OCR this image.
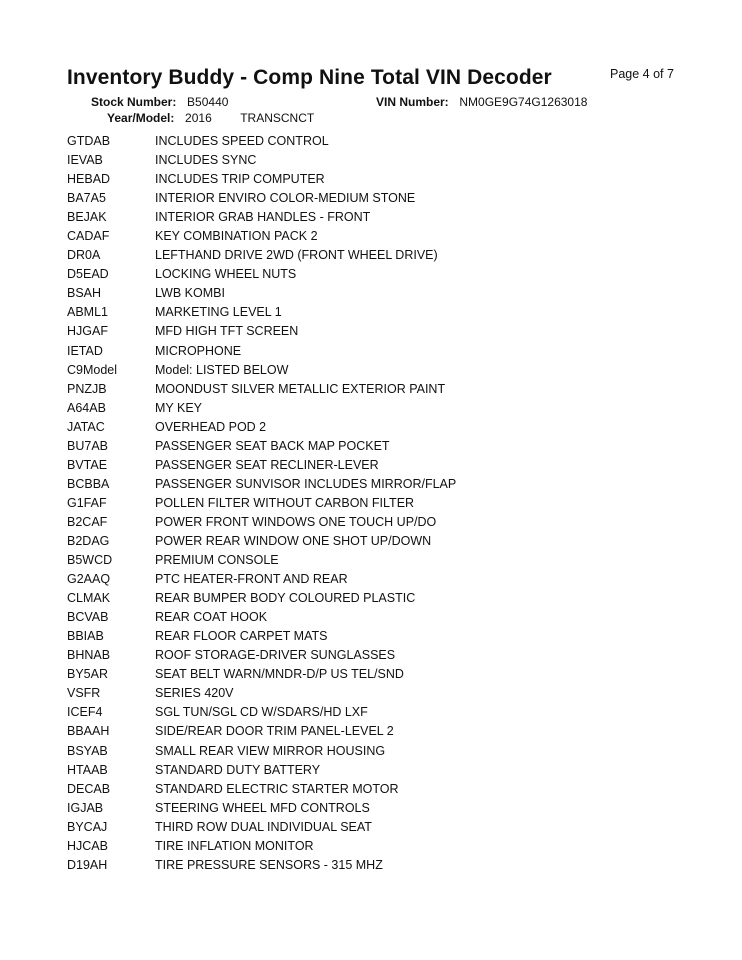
Inventory Buddy - Comp Nine Total VIN Decoder	Page 4 of 7
Stock Number: B50440	VIN Number: NM0GE9G74G1263018
Year/Model: 2016 TRANSCNCT
GTDAB	INCLUDES SPEED CONTROL
IEVAB	INCLUDES SYNC
HEBAD	INCLUDES TRIP COMPUTER
BA7A5	INTERIOR ENVIRO COLOR-MEDIUM STONE
BEJAK	INTERIOR GRAB HANDLES - FRONT
CADAF	KEY COMBINATION PACK 2
DR0A	LEFTHAND DRIVE 2WD (FRONT WHEEL DRIVE)
D5EAD	LOCKING WHEEL NUTS
BSAH	LWB KOMBI
ABML1	MARKETING LEVEL 1
HJGAF	MFD HIGH TFT SCREEN
IETAD	MICROPHONE
C9Model	Model: LISTED BELOW
PNZJB	MOONDUST SILVER METALLIC EXTERIOR PAINT
A64AB	MY KEY
JATAC	OVERHEAD POD 2
BU7AB	PASSENGER SEAT BACK MAP POCKET
BVTAE	PASSENGER SEAT RECLINER-LEVER
BCBBA	PASSENGER SUNVISOR INCLUDES MIRROR/FLAP
G1FAF	POLLEN FILTER WITHOUT CARBON FILTER
B2CAF	POWER FRONT WINDOWS ONE TOUCH UP/DO
B2DAG	POWER REAR WINDOW ONE SHOT UP/DOWN
B5WCD	PREMIUM CONSOLE
G2AAQ	PTC HEATER-FRONT AND REAR
CLMAK	REAR BUMPER BODY COLOURED PLASTIC
BCVAB	REAR COAT HOOK
BBIAB	REAR FLOOR CARPET MATS
BHNAB	ROOF STORAGE-DRIVER SUNGLASSES
BY5AR	SEAT BELT WARN/MNDR-D/P US TEL/SND
VSFR	SERIES 420V
ICEF4	SGL TUN/SGL CD W/SDARS/HD LXF
BBAAH	SIDE/REAR DOOR TRIM PANEL-LEVEL 2
BSYAB	SMALL REAR VIEW MIRROR HOUSING
HTAAB	STANDARD DUTY BATTERY
DECAB	STANDARD ELECTRIC STARTER MOTOR
IGJAB	STEERING WHEEL MFD CONTROLS
BYCAJ	THIRD ROW DUAL INDIVIDUAL SEAT
HJCAB	TIRE INFLATION MONITOR
D19AH	TIRE PRESSURE SENSORS - 315 MHZ
